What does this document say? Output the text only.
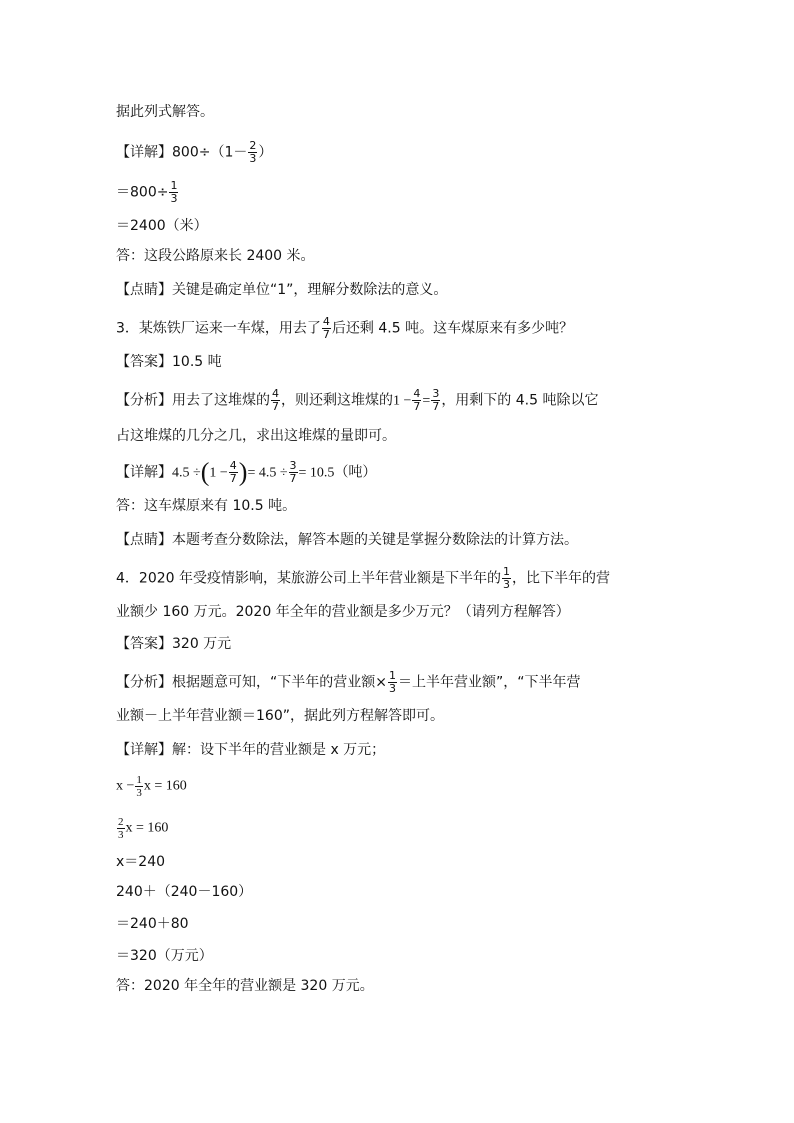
据此列式解答。
【详解】$800\div(1- \frac{2}{3}$ ）
$=800\div \frac{1}{3}$
＝2400（米）
答：这段公路原来长 2400 米。
【点睛】关键是确定单位“1”，理解分数除法的意义。
3．某炼铁厂运来一车煤，用去了 $\frac{4}{7}$ 后还剩 4.5 吨。这车煤原来有多少吨？
【答案】10.5 吨
【分析】用去了这堆煤的 $\frac{4}{7}$ ，则还剩这堆煤的$1 - \frac{4}{7} = \frac{3}{7}$ ，用剩下的 4.5 吨除以它
占这堆煤的几分之几，求出这堆煤的量即可。
【详解】$4.5 \div(1 - \frac{4}{7}$ )= $4.5 \div \frac{3}{7} = 10.5$（吨）
答：这车煤原来有 10.5 吨。
【点睛】本题考查分数除法，解答本题的关键是掌握分数除法的计算方法。
4．2020 年受疫情影响，某旅游公司上半年营业额是下半年的 $\frac{1}{3}$ ，比下半年的营
业额少 160 万元。2020 年全年的营业额是多少万元？（请列方程解答）
【答案】320 万元
【分析】根据题意可知，“下半年的营业额× $\frac{1}{3}$ ＝上半年营业额”，“下半年营
业额－上半年营业额＝160”，据此列方程解答即可。
【详解】解：设下半年的营业额是 x 万元；
$x - \frac{1}{3}$ x = 160
$\frac{2}{3}$ x = 160
x＝240
240＋（240－160）
＝240＋80
＝320（万元）
答：2020 年全年的营业额是 320 万元。
